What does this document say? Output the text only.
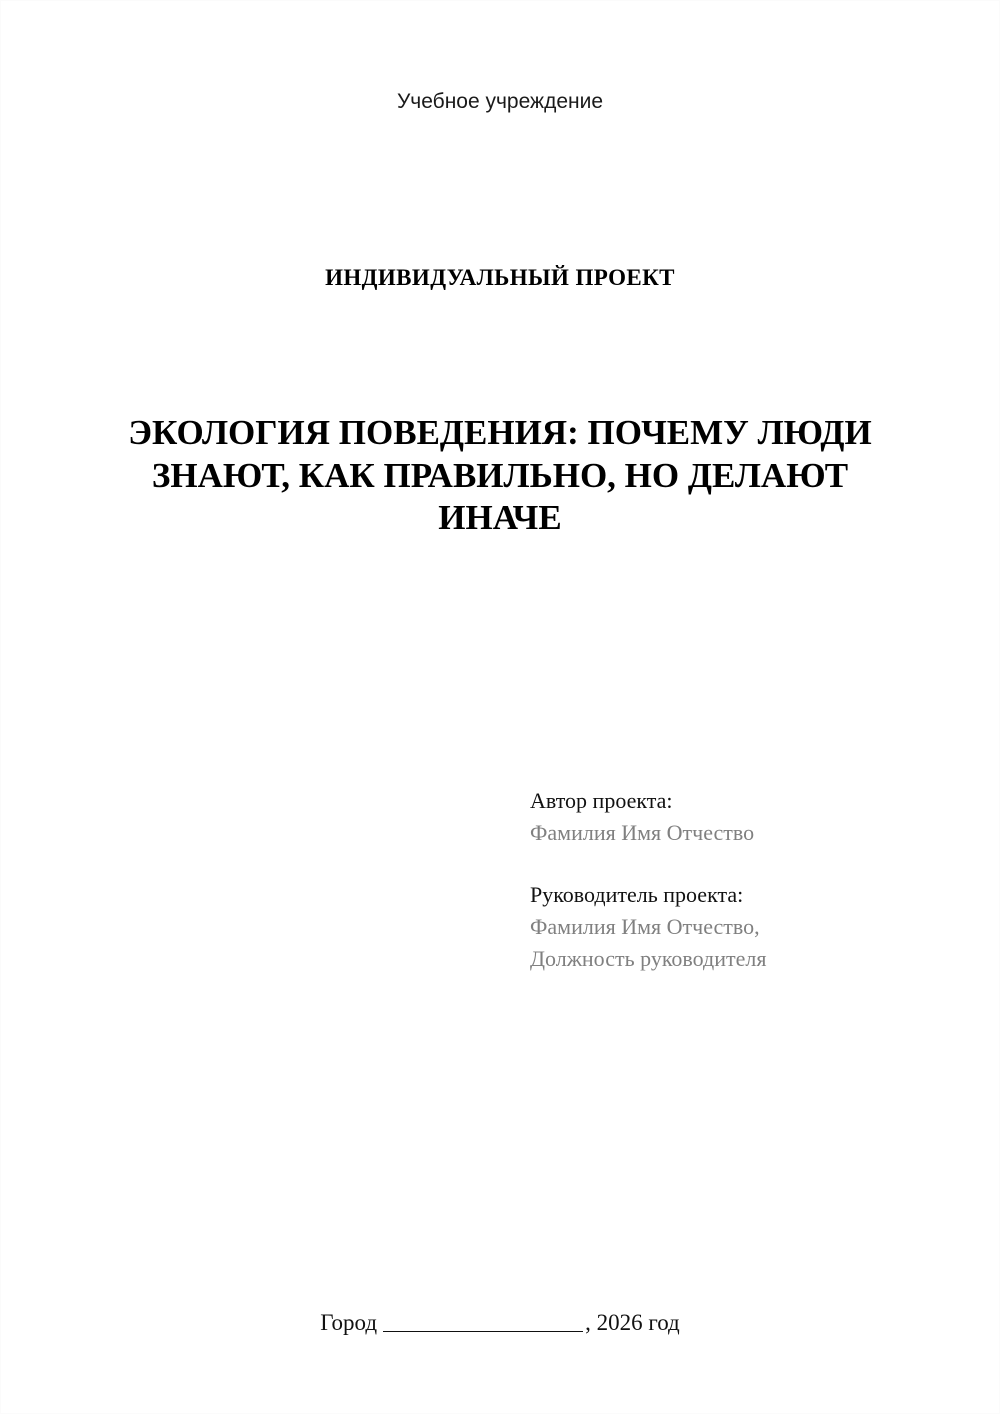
Учебное учреждение
ИНДИВИДУАЛЬНЫЙ ПРОЕКТ
ЭКОЛОГИЯ ПОВЕДЕНИЯ: ПОЧЕМУ ЛЮДИ ЗНАЮТ, КАК ПРАВИЛЬНО, НО ДЕЛАЮТ ИНАЧЕ
Автор проекта:
Фамилия Имя Отчество
Руководитель проекта:
Фамилия Имя Отчество,
Должность руководителя
Город	, 2026 год
